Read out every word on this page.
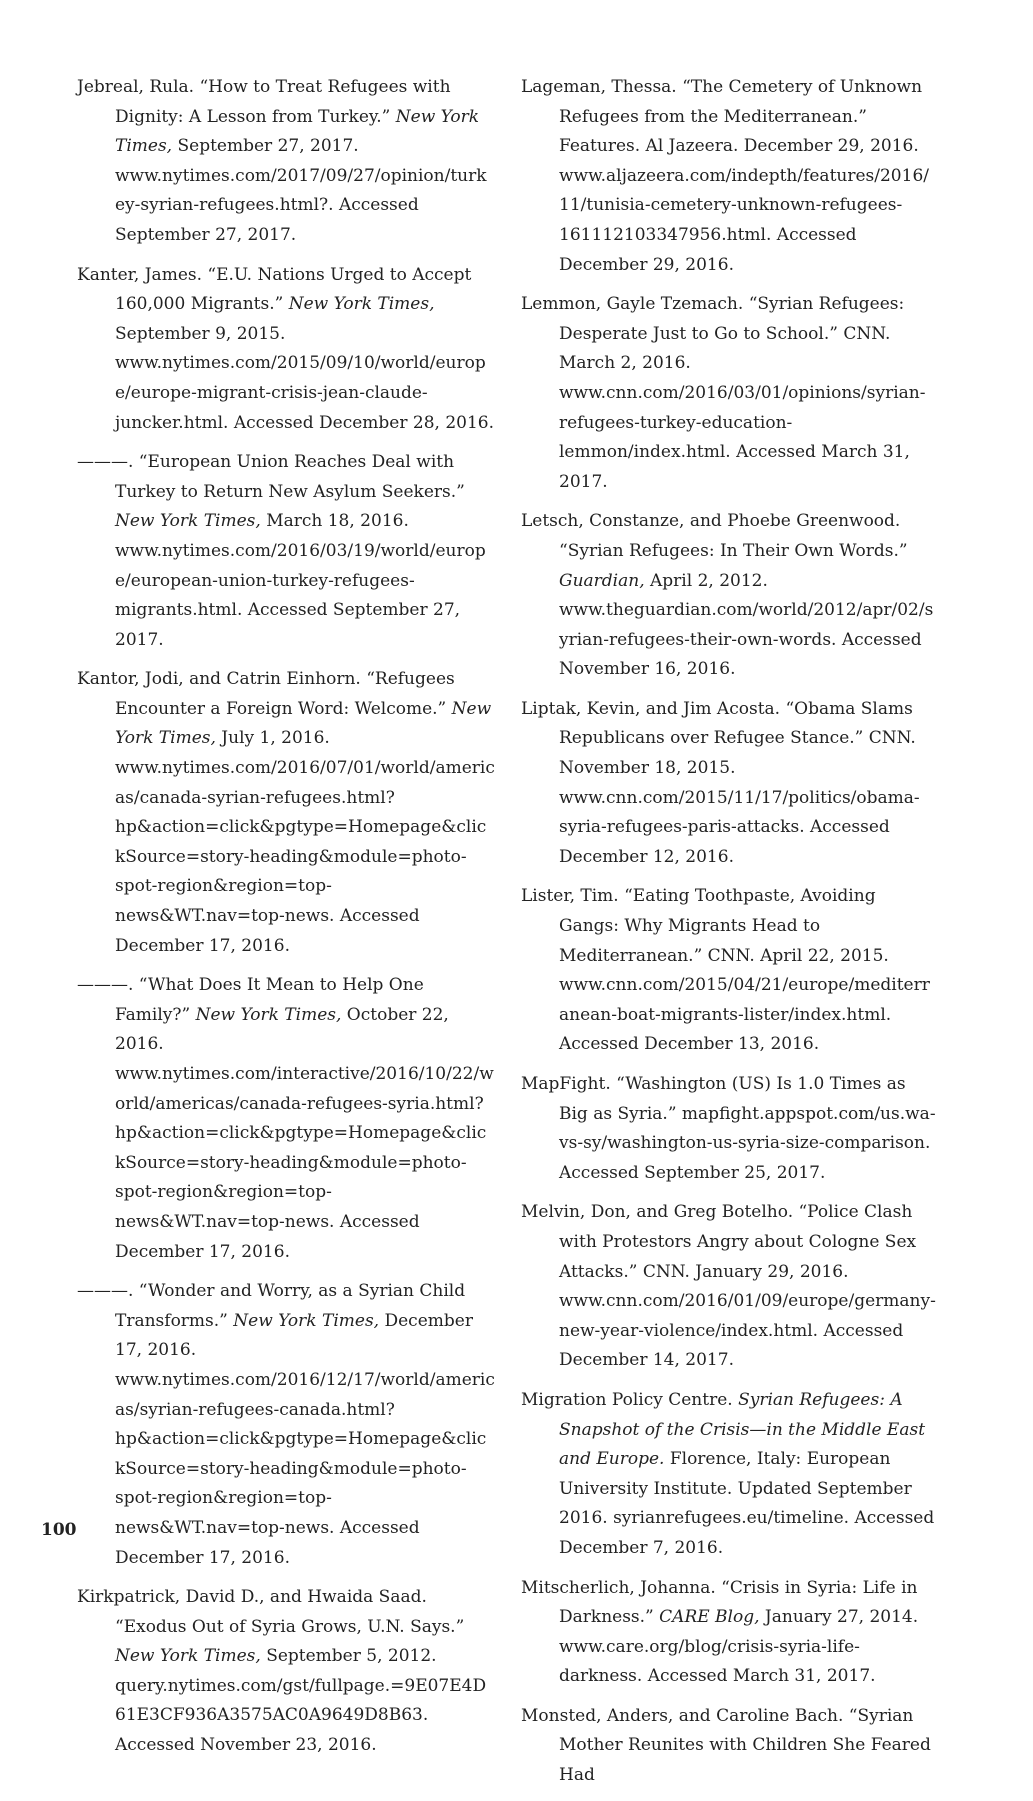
Jebreal, Rula. “How to Treat Refugees with Dignity: A Lesson from Turkey.” New York Times, September 27, 2017. www.nytimes.com/2017/09/27/opinion/turkey-syrian-refugees.html?. Accessed September 27, 2017.

Kanter, James. “E.U. Nations Urged to Accept 160,000 Migrants.” New York Times, September 9, 2015. www.nytimes.com/2015/09/10/world/europe/europe-migrant-crisis-jean-claude-juncker.html. Accessed December 28, 2016.

———. “European Union Reaches Deal with Turkey to Return New Asylum Seekers.” New York Times, March 18, 2016. www.nytimes.com/2016/03/19/world/europe/european-union-turkey-refugees-migrants.html. Accessed September 27, 2017.

Kantor, Jodi, and Catrin Einhorn. “Refugees Encounter a Foreign Word: Welcome.” New York Times, July 1, 2016. www.nytimes.com/2016/07/01/world/americas/canada-syrian-refugees.html?hp&action=click&pgtype=Homepage&clickSource=story-heading&module=photo-spot-region&region=top-news&WT.nav=top-news. Accessed December 17, 2016.

———. “What Does It Mean to Help One Family?” New York Times, October 22, 2016. www.nytimes.com/interactive/2016/10/22/world/americas/canada-refugees-syria.html?hp&action=click&pgtype=Homepage&clickSource=story-heading&module=photo-spot-region&region=top-news&WT.nav=top-news. Accessed December 17, 2016.

———. “Wonder and Worry, as a Syrian Child Transforms.” New York Times, December 17, 2016. www.nytimes.com/2016/12/17/world/americas/syrian-refugees-canada.html?hp&action=click&pgtype=Homepage&clickSource=story-heading&module=photo-spot-region&region=top-news&WT.nav=top-news. Accessed December 17, 2016.

Kirkpatrick, David D., and Hwaida Saad. “Exodus Out of Syria Grows, U.N. Says.” New York Times, September 5, 2012. query.nytimes.com/gst/fullpage.=9E07E4D61E3CF936A3575AC0A9649D8B63. Accessed November 23, 2016.

Lageman, Thessa. “The Cemetery of Unknown Refugees from the Mediterranean.” Features. Al Jazeera. December 29, 2016. www.aljazeera.com/indepth/features/2016/11/tunisia-cemetery-unknown-refugees-161112103347956.html. Accessed December 29, 2016.

Lemmon, Gayle Tzemach. “Syrian Refugees: Desperate Just to Go to School.” CNN. March 2, 2016. www.cnn.com/2016/03/01/opinions/syrian-refugees-turkey-education-lemmon/index.html. Accessed March 31, 2017.

Letsch, Constanze, and Phoebe Greenwood. “Syrian Refugees: In Their Own Words.” Guardian, April 2, 2012. www.theguardian.com/world/2012/apr/02/syrian-refugees-their-own-words. Accessed November 16, 2016.

Liptak, Kevin, and Jim Acosta. “Obama Slams Republicans over Refugee Stance.” CNN. November 18, 2015. www.cnn.com/2015/11/17/politics/obama-syria-refugees-paris-attacks. Accessed December 12, 2016.

Lister, Tim. “Eating Toothpaste, Avoiding Gangs: Why Migrants Head to Mediterranean.” CNN. April 22, 2015. www.cnn.com/2015/04/21/europe/mediterranean-boat-migrants-lister/index.html. Accessed December 13, 2016.

MapFight. “Washington (US) Is 1.0 Times as Big as Syria.” mapfight.appspot.com/us.wa-vs-sy/washington-us-syria-size-comparison. Accessed September 25, 2017.

Melvin, Don, and Greg Botelho. “Police Clash with Protestors Angry about Cologne Sex Attacks.” CNN. January 29, 2016. www.cnn.com/2016/01/09/europe/germany-new-year-violence/index.html. Accessed December 14, 2017.

Migration Policy Centre. Syrian Refugees: A Snapshot of the Crisis—in the Middle East and Europe. Florence, Italy: European University Institute. Updated September 2016. syrianrefugees.eu/timeline. Accessed December 7, 2016.

Mitscherlich, Johanna. “Crisis in Syria: Life in Darkness.” CARE Blog, January 27, 2014. www.care.org/blog/crisis-syria-life-darkness. Accessed March 31, 2017.

Monsted, Anders, and Caroline Bach. “Syrian Mother Reunites with Children She Feared Had

100
